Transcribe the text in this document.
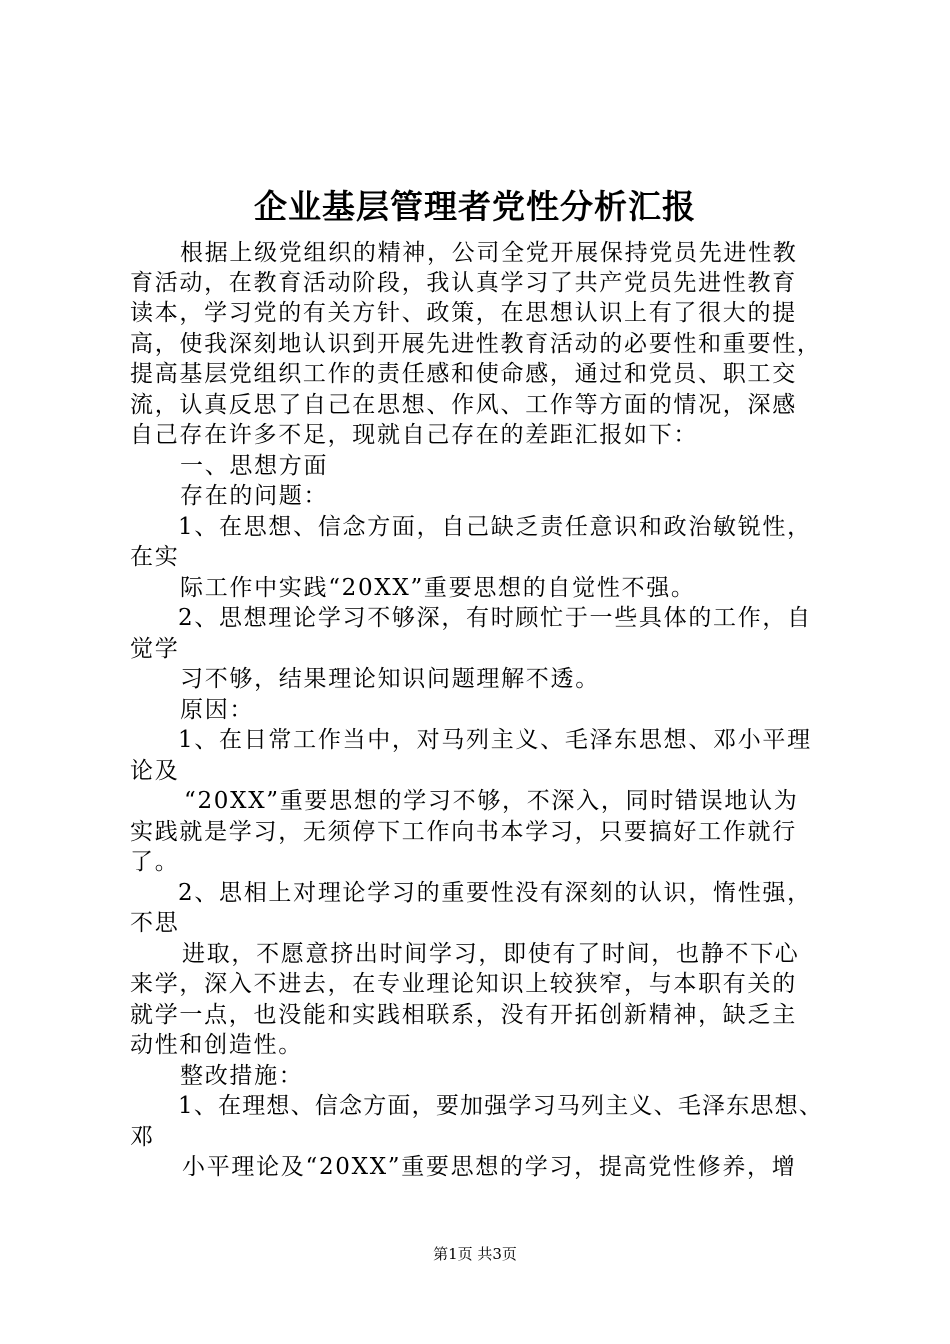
企业基层管理者党性分析汇报
根据上级党组织的精神，公司全党开展保持党员先进性教
育活动，在教育活动阶段，我认真学习了共产党员先进性教育
读本，学习党的有关方针、政策，在思想认识上有了很大的提
高，使我深刻地认识到开展先进性教育活动的必要性和重要性，
提高基层党组织工作的责任感和使命感，通过和党员、职工交
流，认真反思了自己在思想、作风、工作等方面的情况，深感
自己存在许多不足，现就自己存在的差距汇报如下：
一、思想方面
存在的问题：
1、在思想、信念方面，自己缺乏责任意识和政治敏锐性，
在实
际工作中实践“20XX”重要思想的自觉性不强。
2、思想理论学习不够深，有时顾忙于一些具体的工作，自
觉学
习不够，结果理论知识问题理解不透。
原因：
1、在日常工作当中，对马列主义、毛泽东思想、邓小平理
论及
“20XX”重要思想的学习不够，不深入，同时错误地认为
实践就是学习，无须停下工作向书本学习，只要搞好工作就行
了。
2、思相上对理论学习的重要性没有深刻的认识，惰性强，
不思
进取，不愿意挤出时间学习，即使有了时间，也静不下心
来学，深入不进去，在专业理论知识上较狭窄，与本职有关的
就学一点，也没能和实践相联系，没有开拓创新精神，缺乏主
动性和创造性。
整改措施：
1、在理想、信念方面，要加强学习马列主义、毛泽东思想、
邓
小平理论及“20XX”重要思想的学习，提高党性修养，增
第1页 共3页
